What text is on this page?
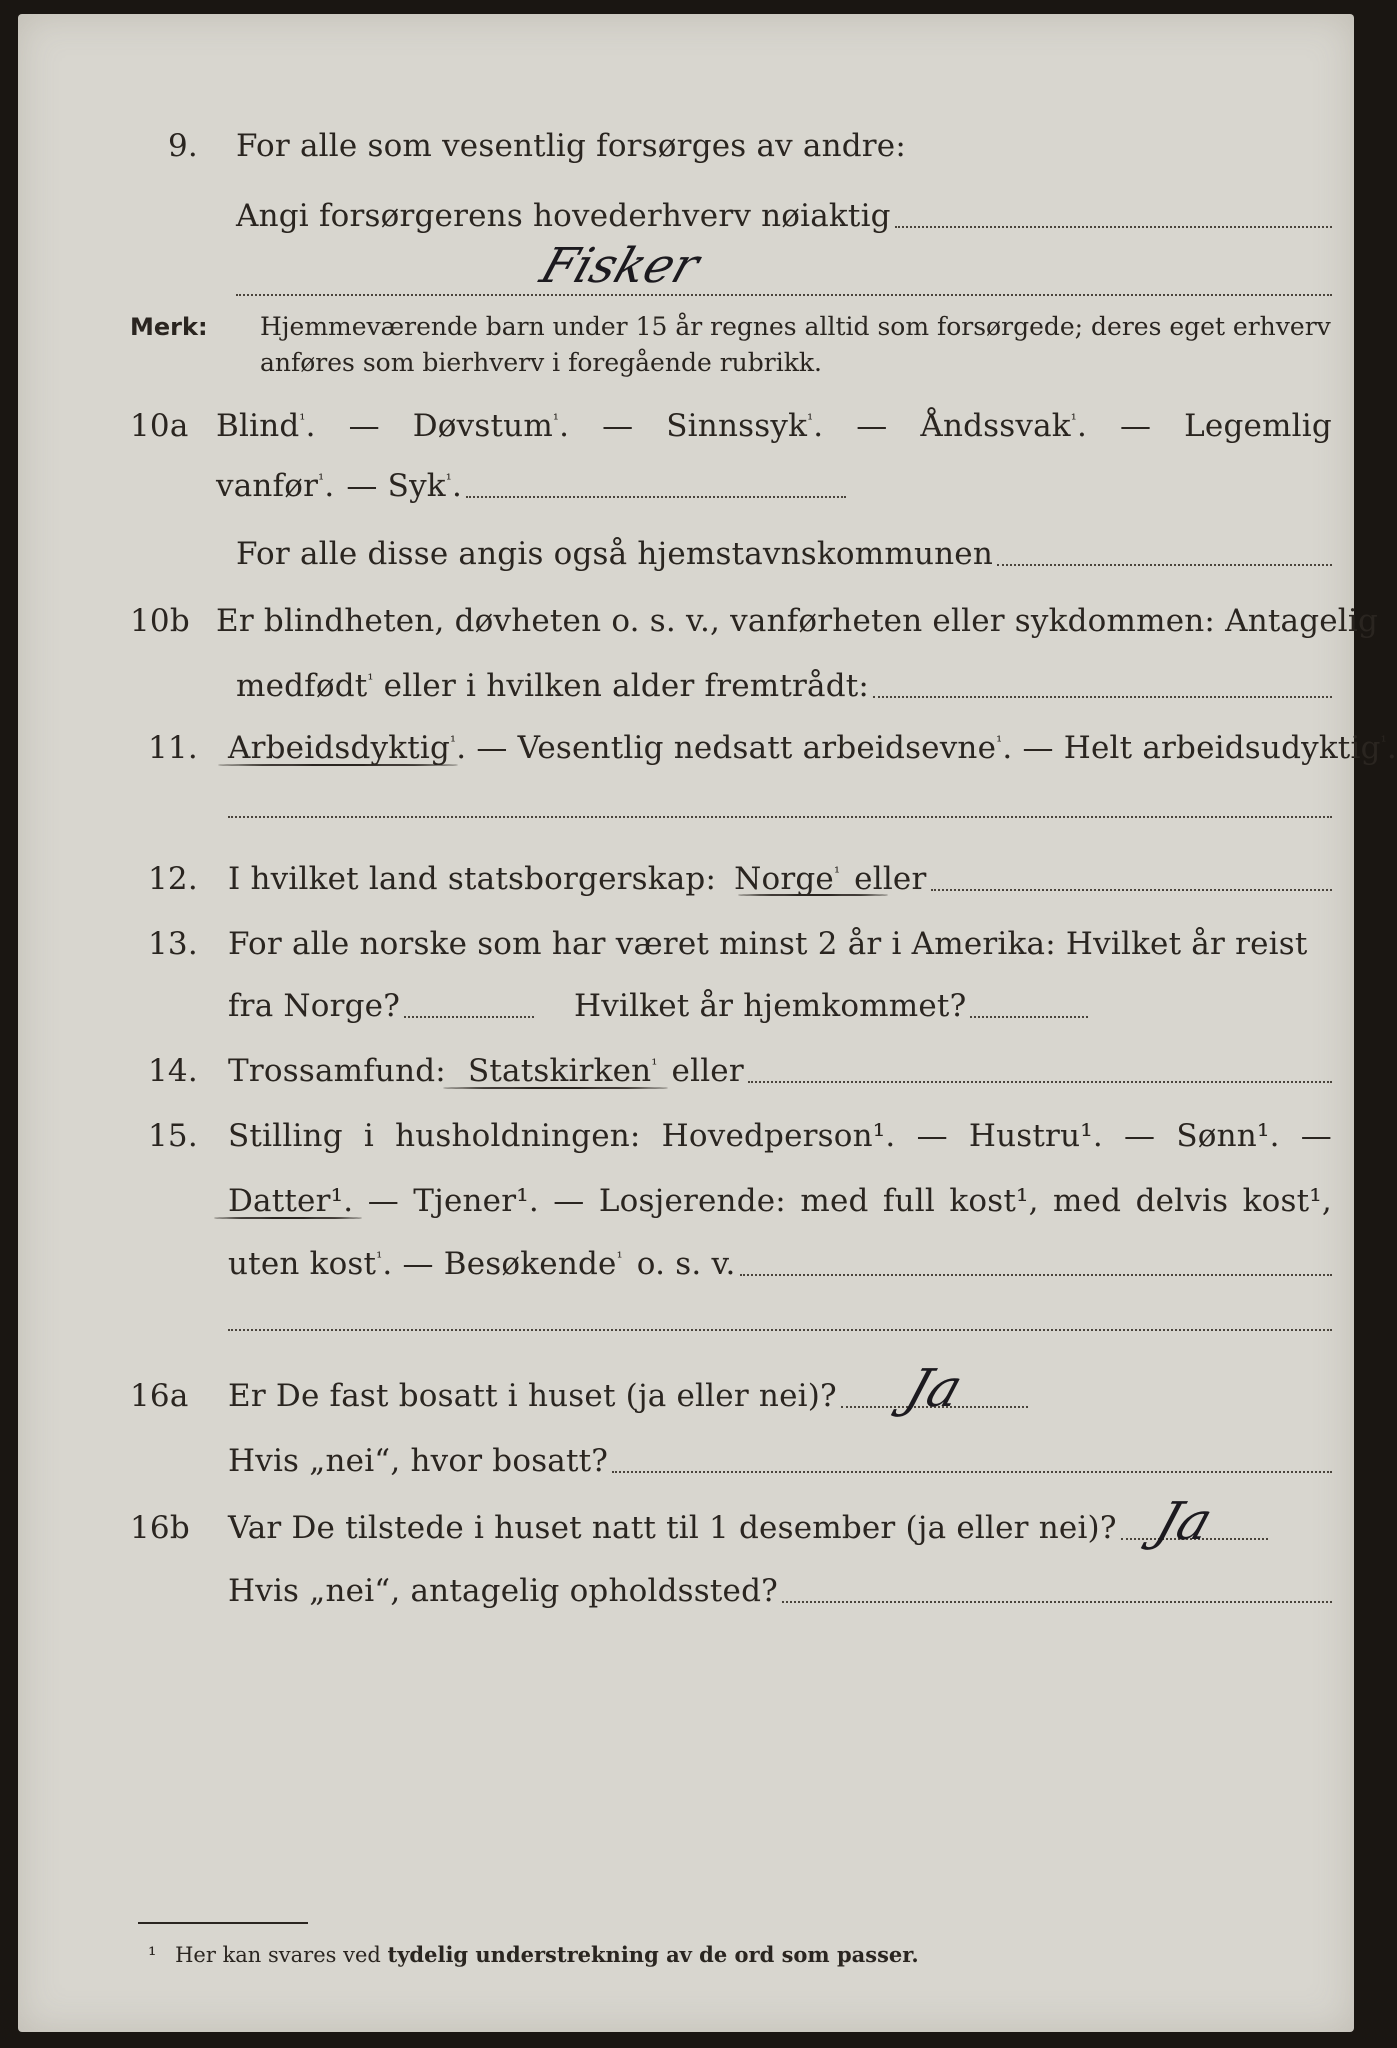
9. For alle som vesentlig forsørges av andre:
Angi forsørgerens hovederhverv nøiaktig
Fisker
Merk: Hjemmeværende barn under 15 år regnes alltid som forsørgede; deres eget erhverv
anføres som bierhverv i foregående rubrikk.
10a Blind$^{^1}$. — Døvstum$^{^1}$. — Sinnssyk$^{^1}$. — Åndssvak$^{^1}$. — Legemlig
vanfør$^{^1}$. — Syk$^{^1}$.
For alle disse angis også hjemstavnskommunen
10b Er blindheten, døvheten o. s. v., vanførheten eller sykdommen: Antagelig
medfødt$^{^1}$ eller i hvilken alder fremtrådt:
11. Arbeidsdyktig$^{^1}$ . — Vesentlig nedsatt arbeidsevne$^{^1}$ . — Helt arbeidsudyktig$^{^1}$.
12. I hvilket land statsborgerskap: Norge$^{^1}$ eller
13. For alle norske som har været minst 2 år i Amerika: Hvilket år reist
fra Norge?	Hvilket år hjemkommet?
14. Trossamfund: Statskirken$^{^1}$ eller
15. Stilling i husholdningen: Hovedperson¹. — Hustru¹. — Sønn¹. —
Datter¹. — Tjener¹. — Losjerende: med full kost¹, med delvis kost¹,
uten kost$^{^1}$ . — Besøkende$^{^1}$ o. s. v.
16a Er De fast bosatt i huset (ja eller nei)? Ja
Hvis „nei“, hvor bosatt?
16b Var De tilstede i huset natt til 1 desember (ja eller nei)? Ja
Hvis „nei“, antagelig opholdssted?
¹ Her kan svares ved tydelig understrekning av de ord som passer.
